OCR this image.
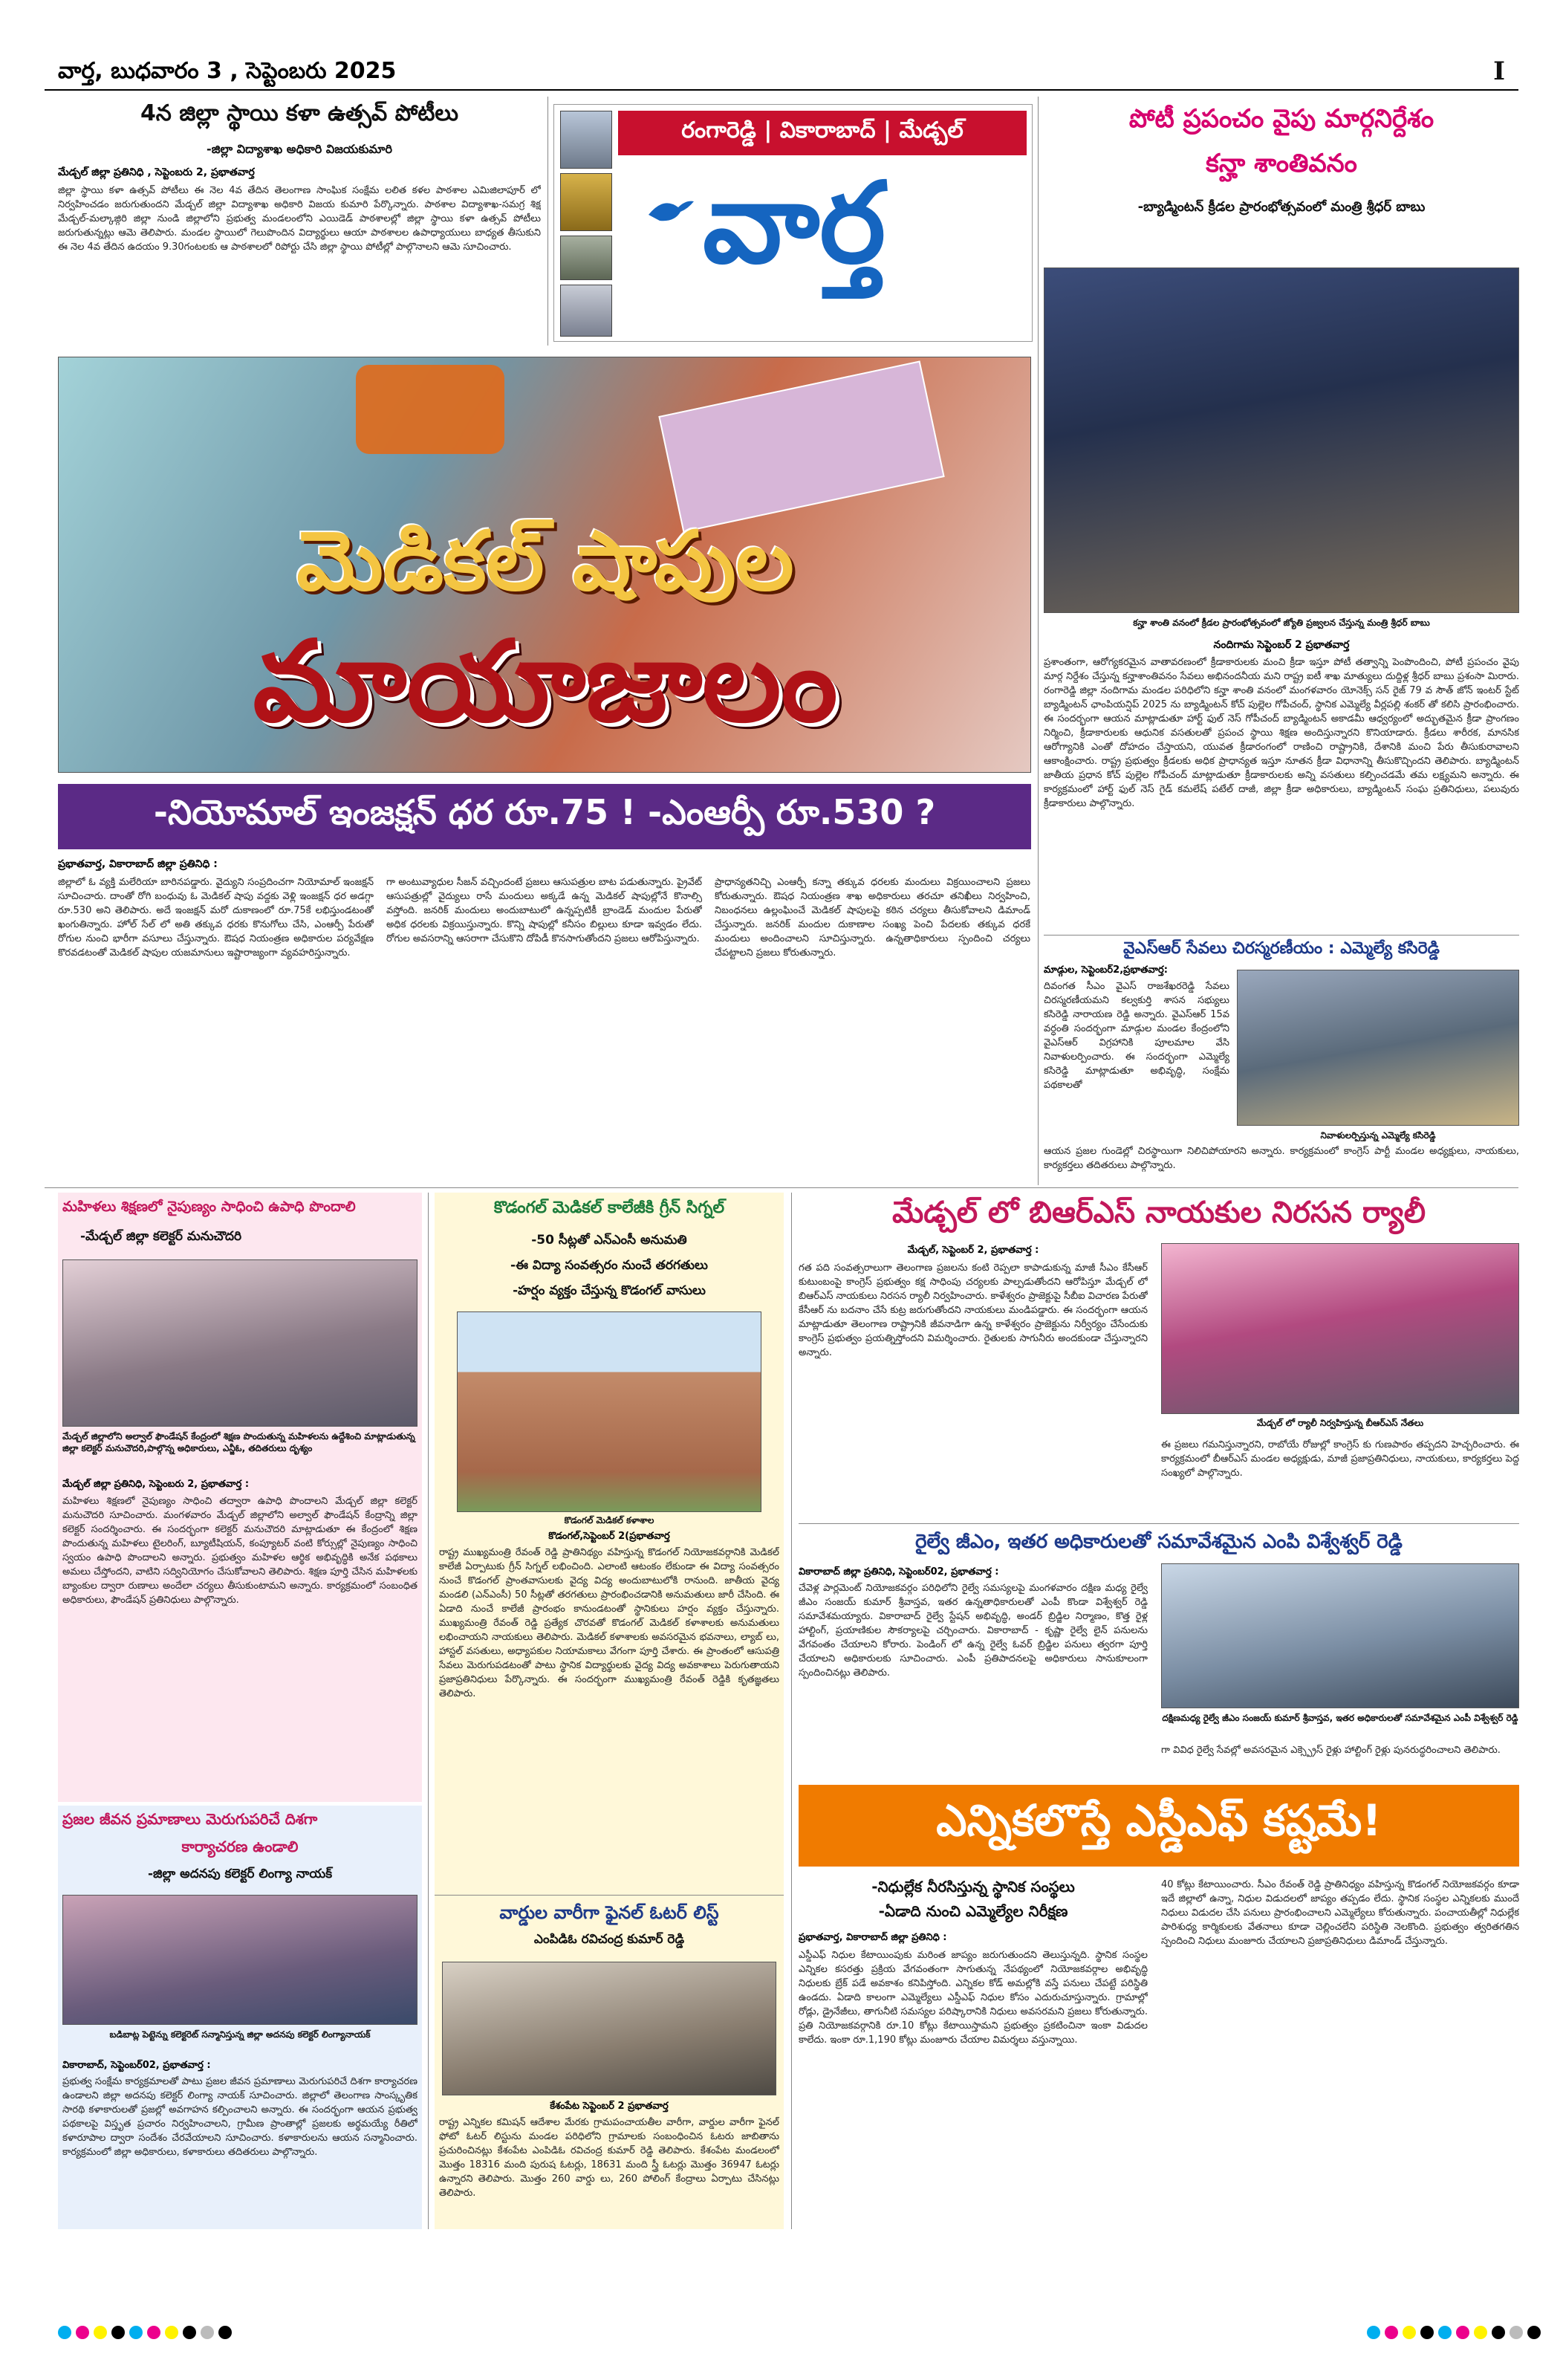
వార్త, బుధవారం 3 , సెప్టెంబరు 2025	I
4న జిల్లా స్థాయి కళా ఉత్సవ్ పోటీలు
-జిల్లా విద్యాశాఖ అధికారి విజయకుమారి
మేడ్చల్ జిల్లా ప్రతినిధి , సెప్టెంబరు 2, ప్రభాతవార్త
జిల్లా స్థాయి కళా ఉత్సవ్ పోటీలు ఈ నెల 4వ తేదిన తెలంగాణ సాంఘిక సంక్షేమ లలిత కళల పాఠశాల ఎమిజిలాపూర్ లో నిర్వహించడం జరుగుతుందని మేడ్చల్ జిల్లా విద్యాశాఖ అధికారి విజయ కుమారి పేర్కొన్నారు. పాఠశాల విద్యాశాఖ-సమగ్ర శిక్ష మేడ్చల్-మల్కాజ్గిరి జిల్లా నుండి జిల్లాలోని ప్రభుత్వ మండలంలోని ఎయిడెడ్ పాఠశాలల్లో జిల్లా స్థాయి కళా ఉత్సవ్ పోటీలు జరుగుతున్నట్లు ఆమె తెలిపారు. మండల స్థాయిలో గెలుపొందిన విద్యార్థులు ఆయా పాఠశాలల ఉపాధ్యాయులు బాధ్యత తీసుకుని ఈ నెల 4వ తేదిన ఉదయం 9.30గంటలకు ఆ పాఠశాలలో రిపోర్టు చేసి జిల్లా స్థాయి పోటీల్లో పాల్గొనాలని ఆమె సూచించారు.
రంగారెడ్డి | వికారాబాద్ | మేడ్చల్
వార్త
పోటీ ప్రపంచం వైపు మార్గనిర్దేశం
కన్హా శాంతివనం
-బ్యాడ్మింటన్ క్రీడల ప్రారంభోత్సవంలో మంత్రి శ్రీధర్ బాబు
కన్హా శాంతి వనంలో క్రీడల ప్రారంభోత్సవంలో జ్యోతి ప్రజ్వలన చేస్తున్న మంత్రి శ్రీధర్ బాబు
నందిగామ సెప్టెంబర్ 2 ప్రభాతవార్త
ప్రశాంతంగా, ఆరోగ్యకరమైన వాతావరణంలో క్రీడాకారులకు మంచి క్రీడా ఇస్తూ పోటీ తత్వాన్ని పెంపొందించి, పోటీ ప్రపంచం వైపు మార్గ నిర్దేశం చేస్తున్న కన్హాశాంతివనం సేవలు అభినందనీయ మని రాష్ట్ర ఐటీ శాఖ మాత్యులు దుద్దిళ్ల శ్రీధర్ బాబు ప్రశంసా మిరారు. రంగారెడ్డి జిల్లా నందిగామ మండల పరిధిలోని కన్హా శాంతి వనంలో మంగళవారం యోనెక్స్ సన్ రైజ్ 79 వ సౌత్ జోన్ ఇంటర్ స్టేట్ బ్యాడ్మింటన్ ఛాంపియన్షిప్ 2025 ను బ్యాడ్మింటన్ కోచ్ పుల్లెల గోపీచంద్, స్థానిక ఎమ్మెల్యే వీర్లపల్లి శంకర్ తో కలిసి ప్రారంభించారు. ఈ సందర్భంగా ఆయన మాట్లాడుతూ హార్ట్ ఫుల్ నెస్ గోపీచంద్ బ్యాడ్మింటన్ అకాడమీ ఆధ్వర్యంలో అద్భుతమైన క్రీడా ప్రాంగణం నిర్మించి, క్రీడాకారులకు ఆధునిక వసతులతో ప్రపంచ స్థాయి శిక్షణ అందిస్తున్నారని కొనియాడారు. క్రీడలు శారీరక, మానసిక ఆరోగ్యానికి ఎంతో దోహదం చేస్తాయని, యువత క్రీడారంగంలో రాణించి రాష్ట్రానికి, దేశానికి మంచి పేరు తీసుకురావాలని ఆకాంక్షించారు. రాష్ట్ర ప్రభుత్వం క్రీడలకు అధిక ప్రాధాన్యత ఇస్తూ నూతన క్రీడా విధానాన్ని తీసుకొచ్చిందని తెలిపారు. బ్యాడ్మింటన్ జాతీయ ప్రధాన కోచ్ పుల్లెల గోపీచంద్ మాట్లాడుతూ క్రీడాకారులకు అన్ని వసతులు కల్పించడమే తమ లక్ష్యమని అన్నారు. ఈ కార్యక్రమంలో హార్ట్ ఫుల్ నెస్ గైడ్ కమలేష్ పటేల్ దాజీ, జిల్లా క్రీడా అధికారులు, బ్యాడ్మింటన్ సంఘ ప్రతినిధులు, పలువురు క్రీడాకారులు పాల్గొన్నారు.
వైఎస్ఆర్ సేవలు చిరస్మరణీయం : ఎమ్మెల్యే కసిరెడ్డి
మాడ్గుల, సెప్టెంబర్2,ప్రభాతవార్త:
దివంగత సీఎం వైఎస్ రాజశేఖరరెడ్డి సేవలు చిరస్మరణీయమని కల్వకుర్తి శాసన సభ్యులు కసిరెడ్డి నారాయణ రెడ్డి అన్నారు. వైఎస్ఆర్ 15వ వర్ధంతి సందర్భంగా మాడ్గుల మండల కేంద్రంలోని వైఎస్ఆర్ విగ్రహానికి పూలమాల వేసి నివాళులర్పించారు. ఈ సందర్భంగా ఎమ్మెల్యే కసిరెడ్డి మాట్లాడుతూ అభివృద్ధి, సంక్షేమ పథకాలతో
నివాళులర్పిస్తున్న ఎమ్మెల్యే కసిరెడ్డి
ఆయన ప్రజల గుండెల్లో చిరస్థాయిగా నిలిచిపోయారని అన్నారు. కార్యక్రమంలో కాంగ్రెస్ పార్టీ మండల అధ్యక్షులు, నాయకులు, కార్యకర్తలు తదితరులు పాల్గొన్నారు.
మెడికల్ షాపుల
మాయాజాలం
-నియోమాల్ ఇంజక్షన్ ధర రూ.75 ! -ఎంఆర్పీ రూ.530 ?
ప్రభాతవార్త, వికారాబాద్ జిల్లా ప్రతినిధి :
జిల్లాలో ఓ వ్యక్తి మలేరియా బారినపడ్డారు. వైద్యుని సంప్రదించగా నియోమాల్ ఇంజక్షన్ సూచించారు. దాంతో రోగి బంధువు ఓ మెడికల్ షాపు వద్దకు వెళ్లి ఇంజక్షన్ ధర అడగ్గా రూ.530 అని తెలిపారు. అదే ఇంజక్షన్ మరో దుకాణంలో రూ.75కే లభిస్తుండటంతో ఖంగుతిన్నారు. హోల్ సేల్ లో అతి తక్కువ ధరకు కొనుగోలు చేసి, ఎంఆర్పీ పేరుతో రోగుల నుంచి భారీగా వసూలు చేస్తున్నారు. ఔషధ నియంత్రణ అధికారుల పర్యవేక్షణ కొరవడటంతో మెడికల్ షాపుల యజమానులు ఇష్టారాజ్యంగా వ్యవహరిస్తున్నారు.
గా అంటువ్యాధుల సీజన్ వచ్చిందంటే ప్రజలు ఆసుపత్రుల బాట పడుతున్నారు. ప్రైవేట్ ఆసుపత్రుల్లో వైద్యులు రాసే మందులు అక్కడే ఉన్న మెడికల్ షాపుల్లోనే కొనాల్సి వస్తోంది. జనరిక్ మందులు అందుబాటులో ఉన్నప్పటికీ బ్రాండెడ్ మందుల పేరుతో అధిక ధరలకు విక్రయిస్తున్నారు. కొన్ని షాపుల్లో కనీసం బిల్లులు కూడా ఇవ్వడం లేదు. రోగుల అవసరాన్ని ఆసరాగా చేసుకొని దోపిడీ కొనసాగుతోందని ప్రజలు ఆరోపిస్తున్నారు.
ప్రాధాన్యతనిచ్చి ఎంఆర్పీ కన్నా తక్కువ ధరలకు మందులు విక్రయించాలని ప్రజలు కోరుతున్నారు. ఔషధ నియంత్రణ శాఖ అధికారులు తరచూ తనిఖీలు నిర్వహించి, నిబంధనలు ఉల్లంఘించే మెడికల్ షాపులపై కఠిన చర్యలు తీసుకోవాలని డిమాండ్ చేస్తున్నారు. జనరిక్ మందుల దుకాణాల సంఖ్య పెంచి పేదలకు తక్కువ ధరకే మందులు అందించాలని సూచిస్తున్నారు. ఉన్నతాధికారులు స్పందించి చర్యలు చేపట్టాలని ప్రజలు కోరుతున్నారు.
మహిళలు శిక్షణలో నైపుణ్యం సాధించి ఉపాధి పొందాలి
-మేడ్చల్ జిల్లా కలెక్టర్ మనుచౌదరి
మేడ్చల్ జిల్లాలోని అల్వాల్ ఫౌండేషన్ కేంద్రంలో శిక్షణ పొందుతున్న మహిళలను ఉద్దేశించి మాట్లాడుతున్న జిల్లా కలెక్టర్ మనుచౌదరి,పాల్గొన్న అధికారులు, ఎన్జీఓ, తదితరులు దృశ్యం
మేడ్చల్ జిల్లా ప్రతినిధి, సెప్టెంబరు 2, ప్రభాతవార్త :
మహిళలు శిక్షణలో నైపుణ్యం సాధించి తద్వారా ఉపాధి పొందాలని మేడ్చల్ జిల్లా కలెక్టర్ మనుచౌదరి సూచించారు. మంగళవారం మేడ్చల్ జిల్లాలోని అల్వాల్ ఫౌండేషన్ కేంద్రాన్ని జిల్లా కలెక్టర్ సందర్శించారు. ఈ సందర్భంగా కలెక్టర్ మనుచౌదరి మాట్లాడుతూ ఈ కేంద్రంలో శిక్షణ పొందుతున్న మహిళలు టైలరింగ్, బ్యూటీషియన్, కంప్యూటర్ వంటి కోర్సుల్లో నైపుణ్యం సాధించి స్వయం ఉపాధి పొందాలని అన్నారు. ప్రభుత్వం మహిళల ఆర్థిక అభివృద్ధికి అనేక పథకాలు అమలు చేస్తోందని, వాటిని సద్వినియోగం చేసుకోవాలని తెలిపారు. శిక్షణ పూర్తి చేసిన మహిళలకు బ్యాంకుల ద్వారా రుణాలు అందేలా చర్యలు తీసుకుంటామని అన్నారు. కార్యక్రమంలో సంబంధిత అధికారులు, ఫౌండేషన్ ప్రతినిధులు పాల్గొన్నారు.
ప్రజల జీవన ప్రమాణాలు మెరుగుపరిచే దిశగా
కార్యాచరణ ఉండాలి
-జిల్లా అదనపు కలెక్టర్ లింగ్యా నాయక్
బడిబాట్ల పెట్టెన్ను కలెక్టరెట్ సన్మానిస్తున్న జిల్లా అదనపు కలెక్టర్ లింగ్యానాయక్
వికారాబాద్, సెప్టెంబర్02, ప్రభాతవార్త :
ప్రభుత్వ సంక్షేమ కార్యక్రమాలతో పాటు ప్రజల జీవన ప్రమాణాలు మెరుగుపరిచే దిశగా కార్యాచరణ ఉండాలని జిల్లా అదనపు కలెక్టర్ లింగ్యా నాయక్ సూచించారు. జిల్లాలో తెలంగాణ సాంస్కృతిక సారథి కళాకారులతో ప్రజల్లో అవగాహన కల్పించాలని అన్నారు. ఈ సందర్భంగా ఆయన ప్రభుత్వ పథకాలపై విస్తృత ప్రచారం నిర్వహించాలని, గ్రామీణ ప్రాంతాల్లో ప్రజలకు అర్థమయ్యే రీతిలో కళారూపాల ద్వారా సందేశం చేరవేయాలని సూచించారు. కళాకారులను ఆయన సన్మానించారు. కార్యక్రమంలో జిల్లా అధికారులు, కళాకారులు తదితరులు పాల్గొన్నారు.
కొడంగల్ మెడికల్ కాలేజీకి గ్రీన్ సిగ్నల్
-50 సీట్లతో ఎన్ఎంసీ అనుమతి
-ఈ విద్యా సంవత్సరం నుంచే తరగతులు
-హర్షం వ్యక్తం చేస్తున్న కొడంగల్ వాసులు
కొడంగల్ మెడికల్ కళాశాల
కొడంగల్,సెప్టెంబర్ 2(ప్రభాతవార్త
రాష్ట్ర ముఖ్యమంత్రి రేవంత్ రెడ్డి ప్రాతినిథ్యం వహిస్తున్న కొడంగల్ నియోజకవర్గానికి మెడికల్ కాలేజీ ఏర్పాటుకు గ్రీన్ సిగ్నల్ లభించింది. ఎలాంటి ఆటంకం లేకుండా ఈ విద్యా సంవత్సరం నుంచే కొడంగల్ ప్రాంతవాసులకు వైద్య విద్య అందుబాటులోకి రానుంది. జాతీయ వైద్య మండలి (ఎన్ఎంసీ) 50 సీట్లతో తరగతులు ప్రారంభించడానికి అనుమతులు జారీ చేసింది. ఈ ఏడాది నుంచే కాలేజీ ప్రారంభం కానుండటంతో స్థానికులు హర్షం వ్యక్తం చేస్తున్నారు. ముఖ్యమంత్రి రేవంత్ రెడ్డి ప్రత్యేక చొరవతో కొడంగల్ మెడికల్ కళాశాలకు అనుమతులు లభించాయని నాయకులు తెలిపారు. మెడికల్ కళాశాలకు అవసరమైన భవనాలు, ల్యాబ్ లు, హాస్టల్ వసతులు, అధ్యాపకుల నియామకాలు వేగంగా పూర్తి చేశారు. ఈ ప్రాంతంలో ఆసుపత్రి సేవలు మెరుగుపడటంతో పాటు స్థానిక విద్యార్థులకు వైద్య విద్య అవకాశాలు పెరుగుతాయని ప్రజాప్రతినిధులు పేర్కొన్నారు. ఈ సందర్భంగా ముఖ్యమంత్రి రేవంత్ రెడ్డికి కృతజ్ఞతలు తెలిపారు.
వార్డుల వారీగా ఫైనల్ ఓటర్ లిస్ట్
ఎంపిడిఓ రవిచంద్ర కుమార్ రెడ్డి
కేశంపేట సెప్టెంబర్ 2 ప్రభాతవార్త
రాష్ట్ర ఎన్నికల కమిషన్ ఆదేశాల మేరకు గ్రామపంచాయతీల వారీగా, వార్డుల వారీగా ఫైనల్ ఫోటో ఓటర్ లిస్టును మండల పరిధిలోని గ్రామాలకు సంబంధించిన ఓటరు జాబితాను ప్రచురించినట్లు కేశంపేట ఎంపిడిఓ రవిచంద్ర కుమార్ రెడ్డి తెలిపారు. కేశంపేట మండలంలో మొత్తం 18316 మంది పురుష ఓటర్లు, 18631 మంది స్త్రీ ఓటర్లు మొత్తం 36947 ఓటర్లు ఉన్నారని తెలిపారు. మొత్తం 260 వార్డు లు, 260 పోలింగ్ కేంద్రాలు ఏర్పాటు చేసినట్లు తెలిపారు.
మేడ్చల్ లో బిఆర్ఎస్ నాయకుల నిరసన ర్యాలీ
మేడ్చల్, సెప్టెంబర్ 2, ప్రభాతవార్త :
గత పది సంవత్సరాలుగా తెలంగాణ ప్రజలను కంటి రెప్పలా కాపాడుకున్న మాజీ సీఎం కేసీఆర్ కుటుంబంపై కాంగ్రెస్ ప్రభుత్వం కక్ష సాధింపు చర్యలకు పాల్పడుతోందని ఆరోపిస్తూ మేడ్చల్ లో బిఆర్ఎస్ నాయకులు నిరసన ర్యాలీ నిర్వహించారు. కాళేశ్వరం ప్రాజెక్టుపై సీబీఐ విచారణ పేరుతో కేసీఆర్ ను బదనాం చేసే కుట్ర జరుగుతోందని నాయకులు మండిపడ్డారు. ఈ సందర్భంగా ఆయన మాట్లాడుతూ తెలంగాణ రాష్ట్రానికి జీవనాడిగా ఉన్న కాళేశ్వరం ప్రాజెక్టును నిర్వీర్యం చేసేందుకు కాంగ్రెస్ ప్రభుత్వం ప్రయత్నిస్తోందని విమర్శించారు. రైతులకు సాగునీరు అందకుండా చేస్తున్నారని అన్నారు.
మేడ్చల్ లో ర్యాలీ నిర్వహిస్తున్న బీఆర్ఎస్ నేతలు
ఈ ప్రజలు గమనిస్తున్నారని, రాబోయే రోజుల్లో కాంగ్రెస్ కు గుణపాఠం తప్పదని హెచ్చరించారు. ఈ కార్యక్రమంలో బీఆర్ఎస్ మండల అధ్యక్షుడు, మాజీ ప్రజాప్రతినిధులు, నాయకులు, కార్యకర్తలు పెద్ద సంఖ్యలో పాల్గొన్నారు.
రైల్వే జీఎం, ఇతర అధికారులతో సమావేశమైన ఎంపి విశ్వేశ్వర్ రెడ్డి
వికారాబాద్ జిల్లా ప్రతినిధి, సెప్టెంబర్02, ప్రభాతవార్త :
చేవెళ్ల పార్లమెంట్ నియోజకవర్గం పరిధిలోని రైల్వే సమస్యలపై మంగళవారం దక్షిణ మధ్య రైల్వే జీఎం సంజయ్ కుమార్ శ్రీవాస్తవ, ఇతర ఉన్నతాధికారులతో ఎంపీ కొండా విశ్వేశ్వర్ రెడ్డి సమావేశమయ్యారు. వికారాబాద్ రైల్వే స్టేషన్ అభివృద్ధి, అండర్ బ్రిడ్జిల నిర్మాణం, కొత్త రైళ్ల హాల్టింగ్, ప్రయాణికుల సౌకర్యాలపై చర్చించారు. వికారాబాద్ - కృష్ణా రైల్వే లైన్ పనులను వేగవంతం చేయాలని కోరారు. పెండింగ్ లో ఉన్న రైల్వే ఓవర్ బ్రిడ్జిల పనులు త్వరగా పూర్తి చేయాలని అధికారులకు సూచించారు. ఎంపీ ప్రతిపాదనలపై అధికారులు సానుకూలంగా స్పందించినట్లు తెలిపారు.
దక్షిణమధ్య రైల్వే జీఎం సంజయ్ కుమార్ శ్రీవాస్తవ, ఇతర అధికారులతో సమావేశమైన ఎంపీ విశ్వేశ్వర్ రెడ్డి
గా వివిధ రైల్వే సేవల్లో అవసరమైన ఎక్స్ప్రెస్ రైళ్లు హాల్టింగ్ రైళ్లు పునరుద్ధరించాలని తెలిపారు.
ఎన్నికలొస్తే ఎస్డీఎఫ్ కష్టమే!
-నిధుల్లేక నీరసిస్తున్న స్థానిక సంస్థలు
-ఏడాది నుంచి ఎమ్మెల్యేల నిరీక్షణ
ప్రభాతవార్త, వికారాబాద్ జిల్లా ప్రతినిధి :
ఎస్డీఎఫ్ నిధుల కేటాయింపుకు మరింత జాప్యం జరుగుతుందని తెలుస్తున్నది. స్థానిక సంస్థల ఎన్నికల కసరత్తు ప్రక్రియ వేగవంతంగా సాగుతున్న నేపథ్యంలో నియోజకవర్గాల అభివృద్ధి నిధులకు బ్రేక్ పడే అవకాశం కనిపిస్తోంది. ఎన్నికల కోడ్ అమల్లోకి వస్తే పనులు చేపట్టే పరిస్థితి ఉండదు. ఏడాది కాలంగా ఎమ్మెల్యేలు ఎస్డీఎఫ్ నిధుల కోసం ఎదురుచూస్తున్నారు. గ్రామాల్లో రోడ్లు, డ్రైనేజీలు, తాగునీటి సమస్యల పరిష్కారానికి నిధులు అవసరమని ప్రజలు కోరుతున్నారు. ప్రతి నియోజకవర్గానికి రూ.10 కోట్లు కేటాయిస్తామని ప్రభుత్వం ప్రకటించినా ఇంకా విడుదల కాలేదు. ఇంకా రూ.1,190 కోట్లు మంజూరు చేయాల విమర్శలు వస్తున్నాయి.
40 కోట్లు కేటాయించారు. సీఎం రేవంత్ రెడ్డి ప్రాతినిధ్యం వహిస్తున్న కొడంగల్ నియోజకవర్గం కూడా ఇదే జిల్లాలో ఉన్నా, నిధుల విడుదలలో జాప్యం తప్పడం లేదు. స్థానిక సంస్థల ఎన్నికలకు ముందే నిధులు విడుదల చేసి పనులు ప్రారంభించాలని ఎమ్మెల్యేలు కోరుతున్నారు. పంచాయతీల్లో నిధుల్లేక పారిశుధ్య కార్మికులకు వేతనాలు కూడా చెల్లించలేని పరిస్థితి నెలకొంది. ప్రభుత్వం త్వరితగతిన స్పందించి నిధులు మంజూరు చేయాలని ప్రజాప్రతినిధులు డిమాండ్ చేస్తున్నారు.
